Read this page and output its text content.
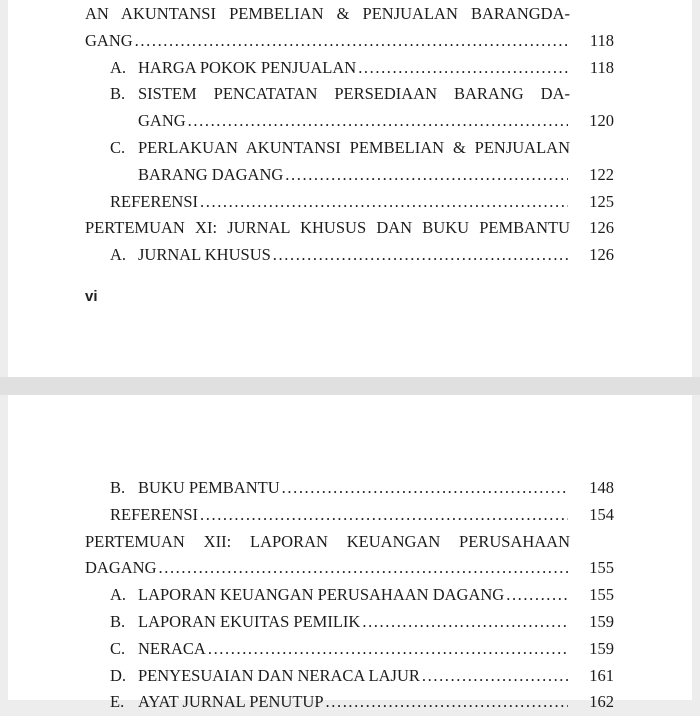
AN AKUNTANSI PEMBELIAN & PENJUALAN BARANGDA-
GANG .....	118
A. HARGA POKOK PENJUALAN .....	118
B. SISTEM PENCATATAN PERSEDIAAN BARANG DA-
GANG .....	120
C. PERLAKUAN AKUNTANSI PEMBELIAN & PENJUALAN
BARANG DAGANG .....	122
REFERENSI .....	125
PERTEMUAN XI: JURNAL KHUSUS DAN BUKU PEMBANTU	126
A. JURNAL KHUSUS .....	126
vi
B. BUKU PEMBANTU .....	148
REFERENSI .....	154
PERTEMUAN XII: LAPORAN KEUANGAN PERUSAHAAN
DAGANG .....	155
A. LAPORAN KEUANGAN PERUSAHAAN DAGANG .....	155
B. LAPORAN EKUITAS PEMILIK .....	159
C. NERACA .....	159
D. PENYESUAIAN DAN NERACA LAJUR .....	161
E. AYAT JURNAL PENUTUP .....	162
